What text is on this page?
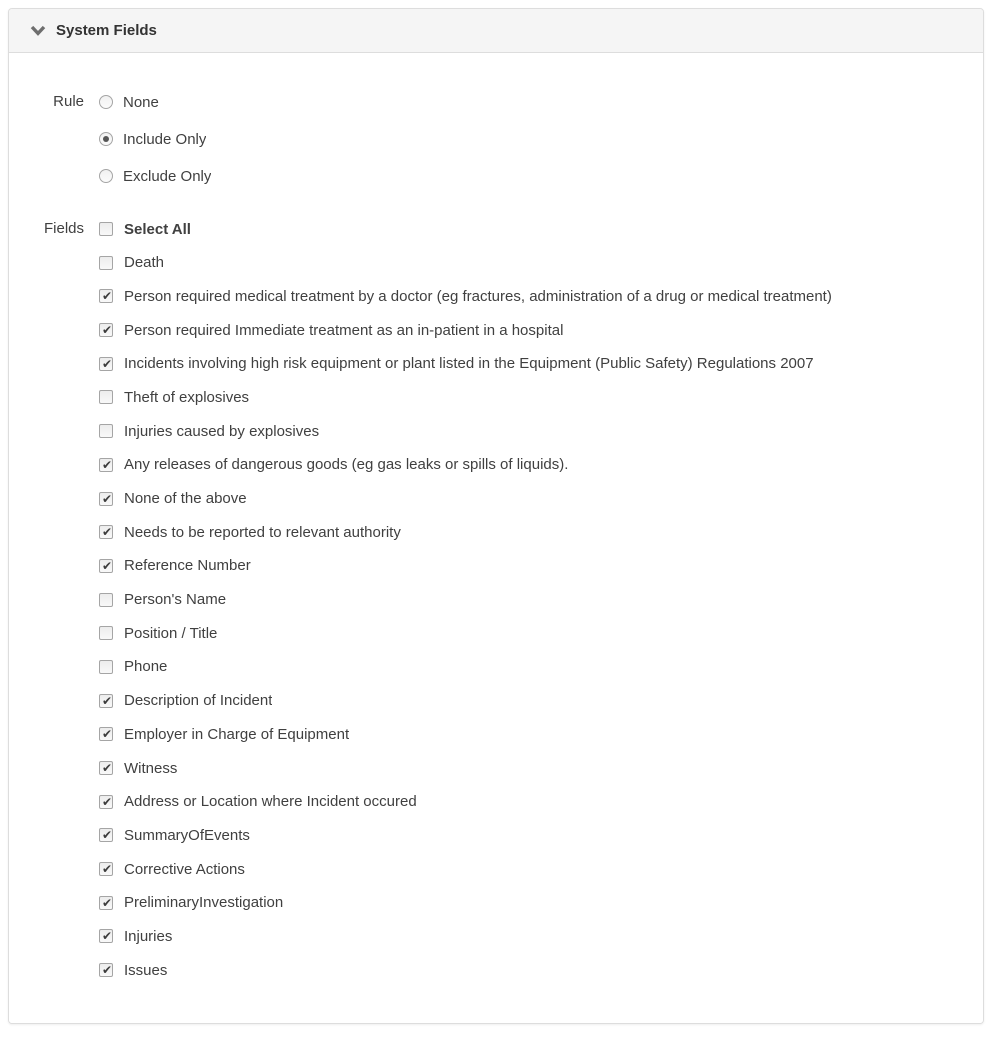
System Fields
Rule	None
Include Only
Exclude Only
Fields	Select All
Death
✔ Person required medical treatment by a doctor (eg fractures, administration of a drug or medical treatment)
✔ Person required Immediate treatment as an in-patient in a hospital
✔ Incidents involving high risk equipment or plant listed in the Equipment (Public Safety) Regulations 2007
Theft of explosives
Injuries caused by explosives
✔ Any releases of dangerous goods (eg gas leaks or spills of liquids).
✔ None of the above
✔ Needs to be reported to relevant authority
✔ Reference Number
Person's Name
Position / Title
Phone
✔ Description of Incident
✔ Employer in Charge of Equipment
✔ Witness
✔ Address or Location where Incident occured
✔ SummaryOfEvents
✔ Corrective Actions
✔ PreliminaryInvestigation
✔ Injuries
✔ Issues
